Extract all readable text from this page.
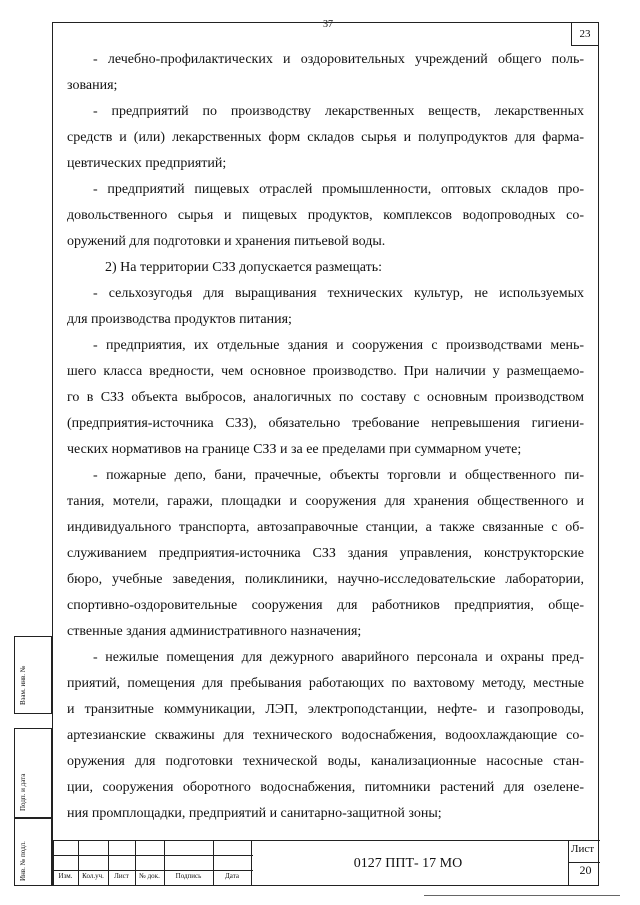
37
23
- лечебно-профилактических и оздоровительных учреждений общего поль-
зования;
- предприятий по производству лекарственных веществ, лекарственных
средств и (или) лекарственных форм складов сырья и полупродуктов для фарма-
цевтических предприятий;
- предприятий пищевых отраслей промышленности, оптовых складов про-
довольственного сырья и пищевых продуктов, комплексов водопроводных со-
оружений для подготовки и хранения питьевой воды.
2) На территории СЗЗ допускается размещать:
- сельхозугодья для выращивания технических культур, не используемых
для производства продуктов питания;
- предприятия, их отдельные здания и сооружения с производствами мень-
шего класса вредности, чем основное производство. При наличии у размещаемо-
го в СЗЗ объекта выбросов, аналогичных по составу с основным производством
(предприятия-источника СЗЗ), обязательно требование непревышения гигиени-
ческих нормативов на границе СЗЗ и за ее пределами при суммарном учете;
- пожарные депо, бани, прачечные, объекты торговли и общественного пи-
тания, мотели, гаражи, площадки и сооружения для хранения общественного и
индивидуального транспорта, автозаправочные станции, а также связанные с об-
служиванием предприятия-источника СЗЗ здания управления, конструкторские
бюро, учебные заведения, поликлиники, научно-исследовательские лаборатории,
спортивно-оздоровительные сооружения для работников предприятия, обще-
ственные здания административного назначения;
- нежилые помещения для дежурного аварийного персонала и охраны пред-
приятий, помещения для пребывания работающих по вахтовому методу, местные
и транзитные коммуникации, ЛЭП, электроподстанции, нефте- и газопроводы,
артезианские скважины для технического водоснабжения, водоохлаждающие со-
оружения для подготовки технической воды, канализационные насосные стан-
ции, сооружения оборотного водоснабжения, питомники растений для озелене-
ния промплощадки, предприятий и санитарно-защитной зоны;
Изм.	Кол.уч.	Лист	№ док.	Подпись	Дата
0127 ППТ- 17 МО
Лист
20
Взам. инв. №
Подп. и дата
Инв. № подл.
